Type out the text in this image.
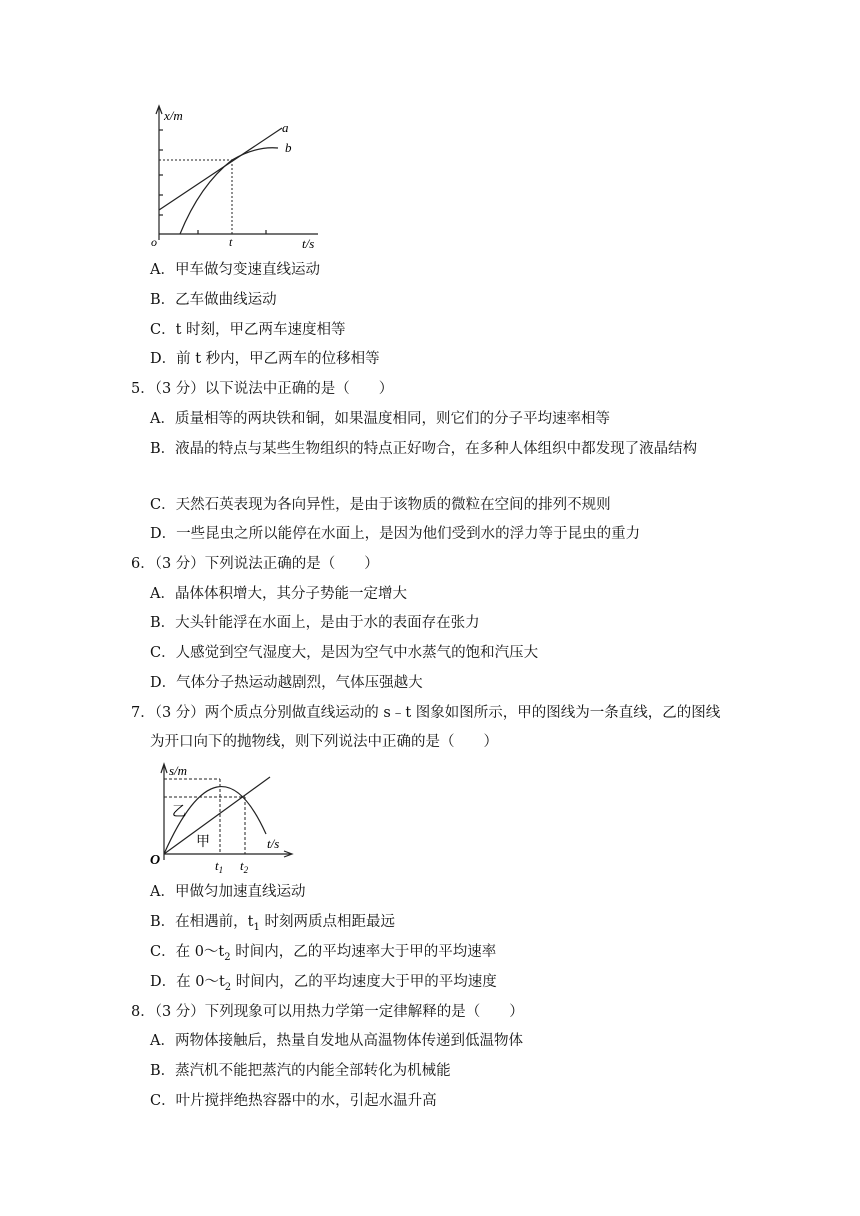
x/m
t/s
o	t
a
b
A．甲车做匀变速直线运动
B．乙车做曲线运动
C．t 时刻，甲乙两车速度相等
D．前 t 秒内，甲乙两车的位移相等
5．（3 分）以下说法中正确的是（　　）
A．质量相等的两块铁和铜，如果温度相同，则它们的分子平均速率相等
B．液晶的特点与某些生物组织的特点正好吻合，在多种人体组织中都发现了液晶结构
C．天然石英表现为各向异性，是由于该物质的微粒在空间的排列不规则
D．一些昆虫之所以能停在水面上，是因为他们受到水的浮力等于昆虫的重力
6．（3 分）下列说法正确的是（　　）
A．晶体体积增大，其分子势能一定增大
B．大头针能浮在水面上，是由于水的表面存在张力
C．人感觉到空气湿度大，是因为空气中水蒸气的饱和汽压大
D．气体分子热运动越剧烈，气体压强越大
7．（3 分）两个质点分别做直线运动的 s﹣t 图象如图所示，甲的图线为一条直线，乙的图线
为开口向下的抛物线，则下列说法中正确的是（　　）
s/m
t/s
O
乙
甲
$t_1$ $t_2$
A．甲做匀加速直线运动
B．在相遇前，$t_1$ 时刻两质点相距最远
C．在 $0\sim t_2$ 时间内，乙的平均速率大于甲的平均速率
D．在 $0\sim t_2$ 时间内，乙的平均速度大于甲的平均速度
8．（3 分）下列现象可以用热力学第一定律解释的是（　　）
A．两物体接触后，热量自发地从高温物体传递到低温物体
B．蒸汽机不能把蒸汽的内能全部转化为机械能
C．叶片搅拌绝热容器中的水，引起水温升高
